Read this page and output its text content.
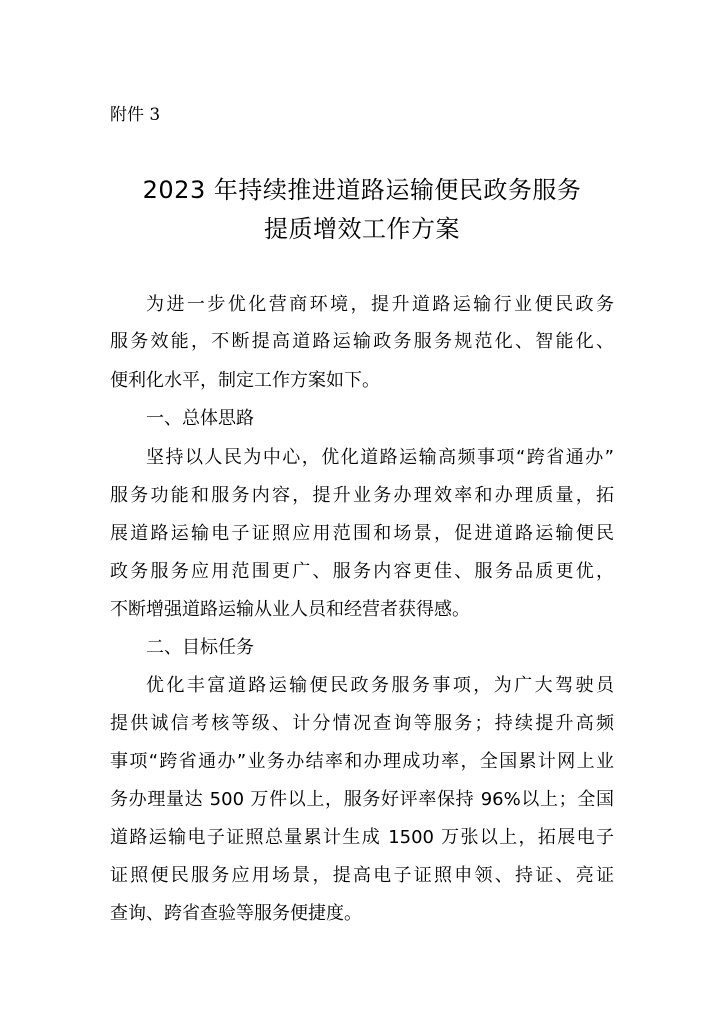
附件 3
2023 年持续推进道路运输便民政务服务
提质增效工作方案
为进一步优化营商环境，提升道路运输行业便民政务
服务效能，不断提高道路运输政务服务规范化、智能化、
便利化水平，制定工作方案如下。
一、总体思路
坚持以人民为中心，优化道路运输高频事项“跨省通办”
服务功能和服务内容，提升业务办理效率和办理质量，拓
展道路运输电子证照应用范围和场景，促进道路运输便民
政务服务应用范围更广、服务内容更佳、服务品质更优，
不断增强道路运输从业人员和经营者获得感。
二、目标任务
优化丰富道路运输便民政务服务事项，为广大驾驶员
提供诚信考核等级、计分情况查询等服务；持续提升高频
事项“跨省通办”业务办结率和办理成功率，全国累计网上业
务办理量达 500 万件以上，服务好评率保持 96%以上；全国
道路运输电子证照总量累计生成 1500 万张以上，拓展电子
证照便民服务应用场景，提高电子证照申领、持证、亮证
查询、跨省查验等服务便捷度。
